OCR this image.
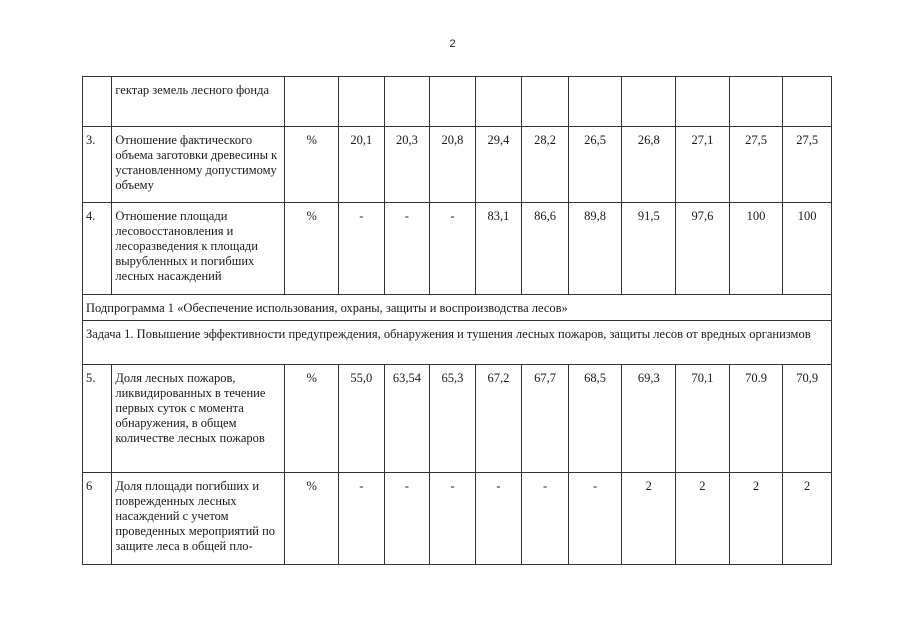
2
	гектар земель лесного фонда											
3.	Отношение фактического объема заготовки древесины к установленному допустимому объему	%	20,1	20,3	20,8	29,4	28,2	26,5	26,8	27,1	27,5	27,5
4.	Отношение площади лесовосстановления и лесоразведения к площади вырубленных и погибших лесных насаждений	%	-	-	-	83,1	86,6	89,8	91,5	97,6	100	100
Подпрограмма 1 «Обеспечение использования, охраны, защиты и воспроизводства лесов»												
Задача 1. Повышение эффективности предупреждения, обнаружения и тушения лесных пожаров, защиты лесов от вредных организмов												
5.	Доля лесных пожаров, ликвидированных в течение первых суток с момента обнаружения, в общем количестве лесных пожаров	%	55,0	63,54	65,3	67,2	67,7	68,5	69,3	70,1	70.9	70,9
6	Доля площади погибших и поврежденных лесных насаждений с учетом проведенных мероприятий по защите леса в общей пло-	%	-	-	-	-	-	-	2	2	2	2
